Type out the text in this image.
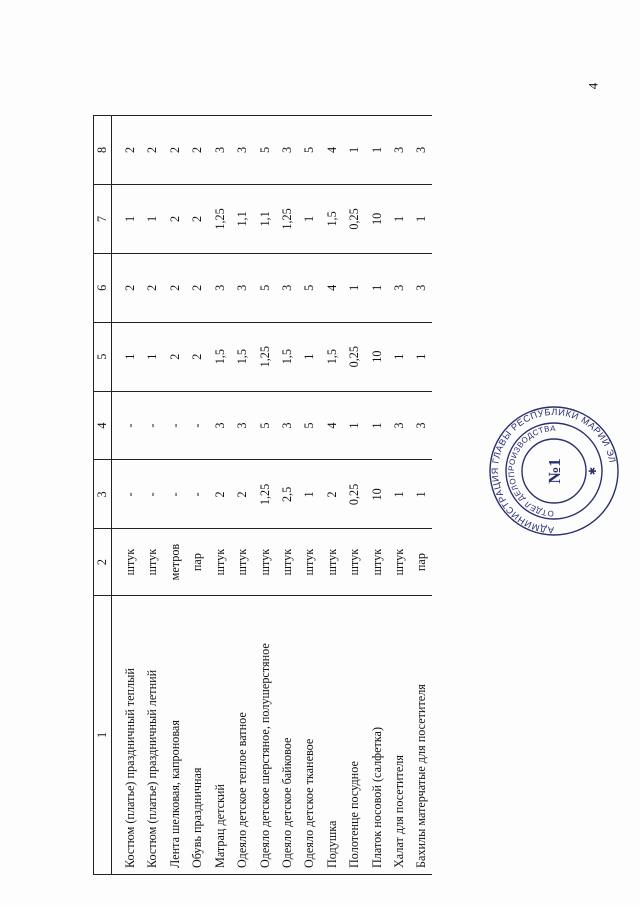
4
1	2	3	4	5	6	7	8
Костюм (платье) праздничный теплый	штук	-	-	1	2	1	2
Костюм (платье) праздничный летний	штук	-	-	1	2	1	2
Лента шелковая, капроновая	метров	-	-	2	2	2	2
Обувь праздничная	пар	-	-	2	2	2	2
Матрац детский	штук	2	3	1,5	3	1,25	3
Одеяло детское теплое ватное	штук	2	3	1,5	3	1,1	3
Одеяло детское шерстяное, полушерстяное	штук	1,25	5	1,25	5	1,1	5
Одеяло детское байковое	штук	2,5	3	1,5	3	1,25	3
Одеяло детское тканевое	штук	1	5	1	5	1	5
Подушка	штук	2	4	1,5	4	1,5	4
Полотенце посудное	штук	0,25	1	0,25	1	0,25	1
Платок носовой (салфетка)	штук	10	1	10	1	10	1
Халат для посетителя	штук	1	3	1	3	1	3
Бахилы матерчатые для посетителя	пар	1	3	1	3	1	3
АДМИНИСТРАЦИЯ ГЛАВЫ РЕСПУБЛИКИ МАРИЙ ЭЛ
ОТДЕЛ ДЕЛОПРОИЗВОДСТВА
№1 ✱
